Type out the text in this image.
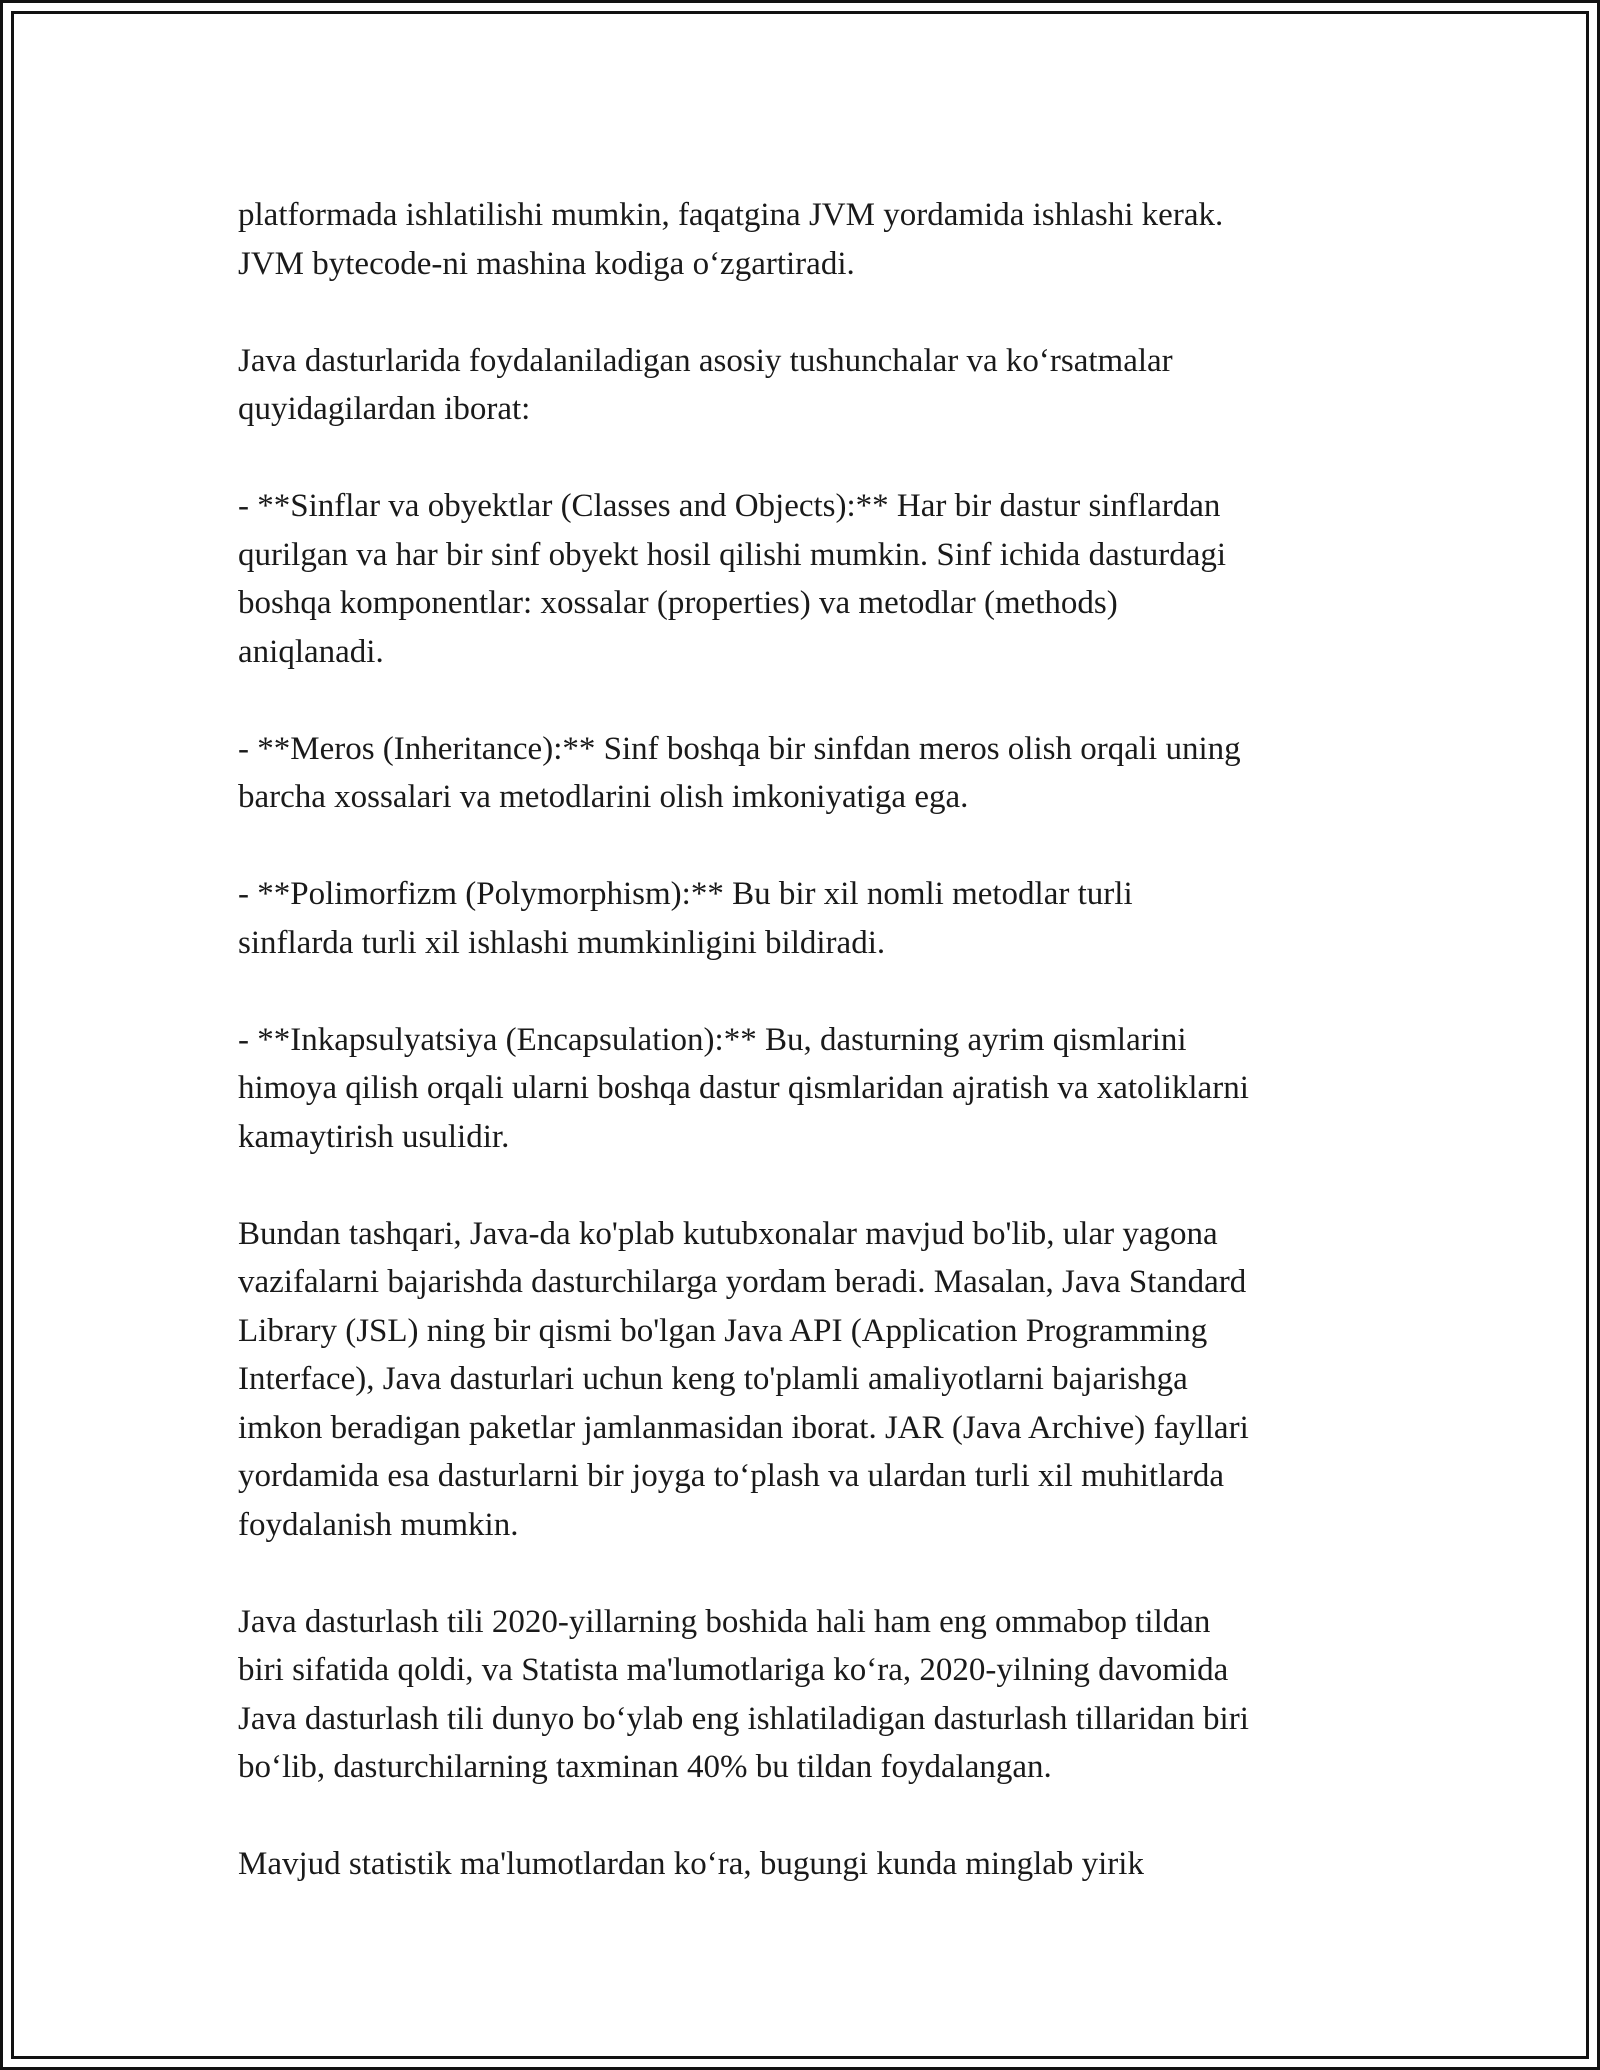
platformada ishlatilishi mumkin, faqatgina JVM yordamida ishlashi kerak.
JVM bytecode-ni mashina kodiga o‘zgartiradi.
Java dasturlarida foydalaniladigan asosiy tushunchalar va ko‘rsatmalar
quyidagilardan iborat:
- **Sinflar va obyektlar (Classes and Objects):** Har bir dastur sinflardan
qurilgan va har bir sinf obyekt hosil qilishi mumkin. Sinf ichida dasturdagi
boshqa komponentlar: xossalar (properties) va metodlar (methods)
aniqlanadi.
- **Meros (Inheritance):** Sinf boshqa bir sinfdan meros olish orqali uning
barcha xossalari va metodlarini olish imkoniyatiga ega.
- **Polimorfizm (Polymorphism):** Bu bir xil nomli metodlar turli
sinflarda turli xil ishlashi mumkinligini bildiradi.
- **Inkapsulyatsiya (Encapsulation):** Bu, dasturning ayrim qismlarini
himoya qilish orqali ularni boshqa dastur qismlaridan ajratish va xatoliklarni
kamaytirish usulidir.
Bundan tashqari, Java-da ko'plab kutubxonalar mavjud bo'lib, ular yagona
vazifalarni bajarishda dasturchilarga yordam beradi. Masalan, Java Standard
Library (JSL) ning bir qismi bo'lgan Java API (Application Programming
Interface), Java dasturlari uchun keng to'plamli amaliyotlarni bajarishga
imkon beradigan paketlar jamlanmasidan iborat. JAR (Java Archive) fayllari
yordamida esa dasturlarni bir joyga to‘plash va ulardan turli xil muhitlarda
foydalanish mumkin.
Java dasturlash tili 2020-yillarning boshida hali ham eng ommabop tildan
biri sifatida qoldi, va Statista ma'lumotlariga ko‘ra, 2020-yilning davomida
Java dasturlash tili dunyo bo‘ylab eng ishlatiladigan dasturlash tillaridan biri
bo‘lib, dasturchilarning taxminan 40% bu tildan foydalangan.
Mavjud statistik ma'lumotlardan ko‘ra, bugungi kunda minglab yirik
